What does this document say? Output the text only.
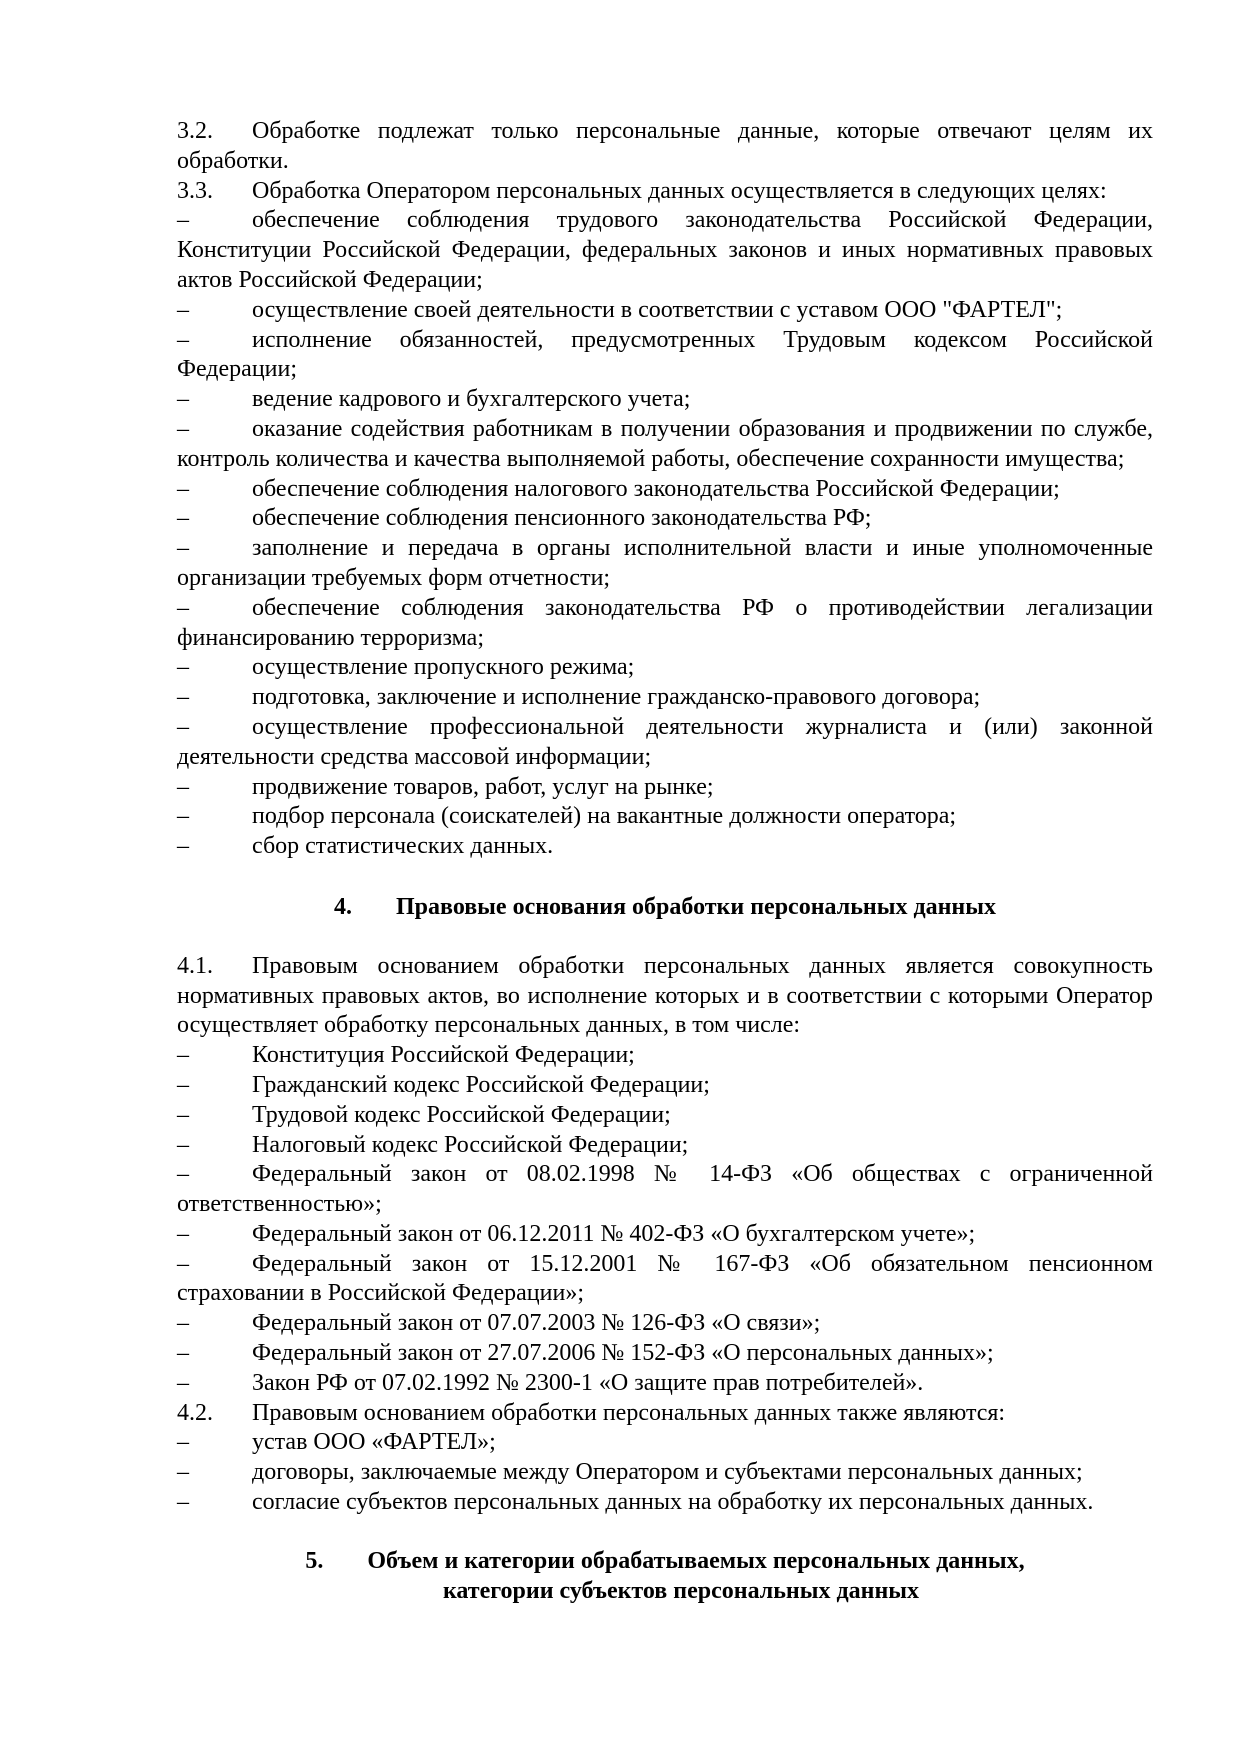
3.2. Обработке подлежат только персональные данные, которые отвечают целям их обработки.
3.3. Обработка Оператором персональных данных осуществляется в следующих целях:
–	обеспечение соблюдения трудового законодательства Российской Федерации, Конституции Российской Федерации, федеральных законов и иных нормативных правовых актов Российской Федерации;
–	осуществление своей деятельности в соответствии с уставом ООО "ФАРТЕЛ";
–	исполнение обязанностей, предусмотренных Трудовым кодексом Российской Федерации;
–	ведение кадрового и бухгалтерского учета;
–	оказание содействия работникам в получении образования и продвижении по службе, контроль количества и качества выполняемой работы, обеспечение сохранности имущества;
–	обеспечение соблюдения налогового законодательства Российской Федерации;
–	обеспечение соблюдения пенсионного законодательства РФ;
–	заполнение и передача в органы исполнительной власти и иные уполномоченные организации требуемых форм отчетности;
–	обеспечение соблюдения законодательства РФ о противодействии легализации финансированию терроризма;
–	осуществление пропускного режима;
–	подготовка, заключение и исполнение гражданско-правового договора;
–	осуществление профессиональной деятельности журналиста и (или) законной деятельности средства массовой информации;
–	продвижение товаров, работ, услуг на рынке;
–	подбор персонала (соискателей) на вакантные должности оператора;
–	сбор статистических данных.
4. Правовые основания обработки персональных данных
4.1. Правовым основанием обработки персональных данных является совокупность нормативных правовых актов, во исполнение которых и в соответствии с которыми Оператор осуществляет обработку персональных данных, в том числе:
–	Конституция Российской Федерации;
–	Гражданский кодекс Российской Федерации;
–	Трудовой кодекс Российской Федерации;
–	Налоговый кодекс Российской Федерации;
–	Федеральный закон от 08.02.1998 № 14-ФЗ «Об обществах с ограниченной ответственностью»;
–	Федеральный закон от 06.12.2011 № 402-ФЗ «О бухгалтерском учете»;
–	Федеральный закон от 15.12.2001 № 167-ФЗ «Об обязательном пенсионном страховании в Российской Федерации»;
–	Федеральный закон от 07.07.2003 № 126-ФЗ «О связи»;
–	Федеральный закон от 27.07.2006 № 152-ФЗ «О персональных данных»;
–	Закон РФ от 07.02.1992 № 2300-1 «О защите прав потребителей».
4.2. Правовым основанием обработки персональных данных также являются:
–	устав ООО «ФАРТЕЛ»;
–	договоры, заключаемые между Оператором и субъектами персональных данных;
–	согласие субъектов персональных данных на обработку их персональных данных.
5. Объем и категории обрабатываемых персональных данных,
категории субъектов персональных данных
